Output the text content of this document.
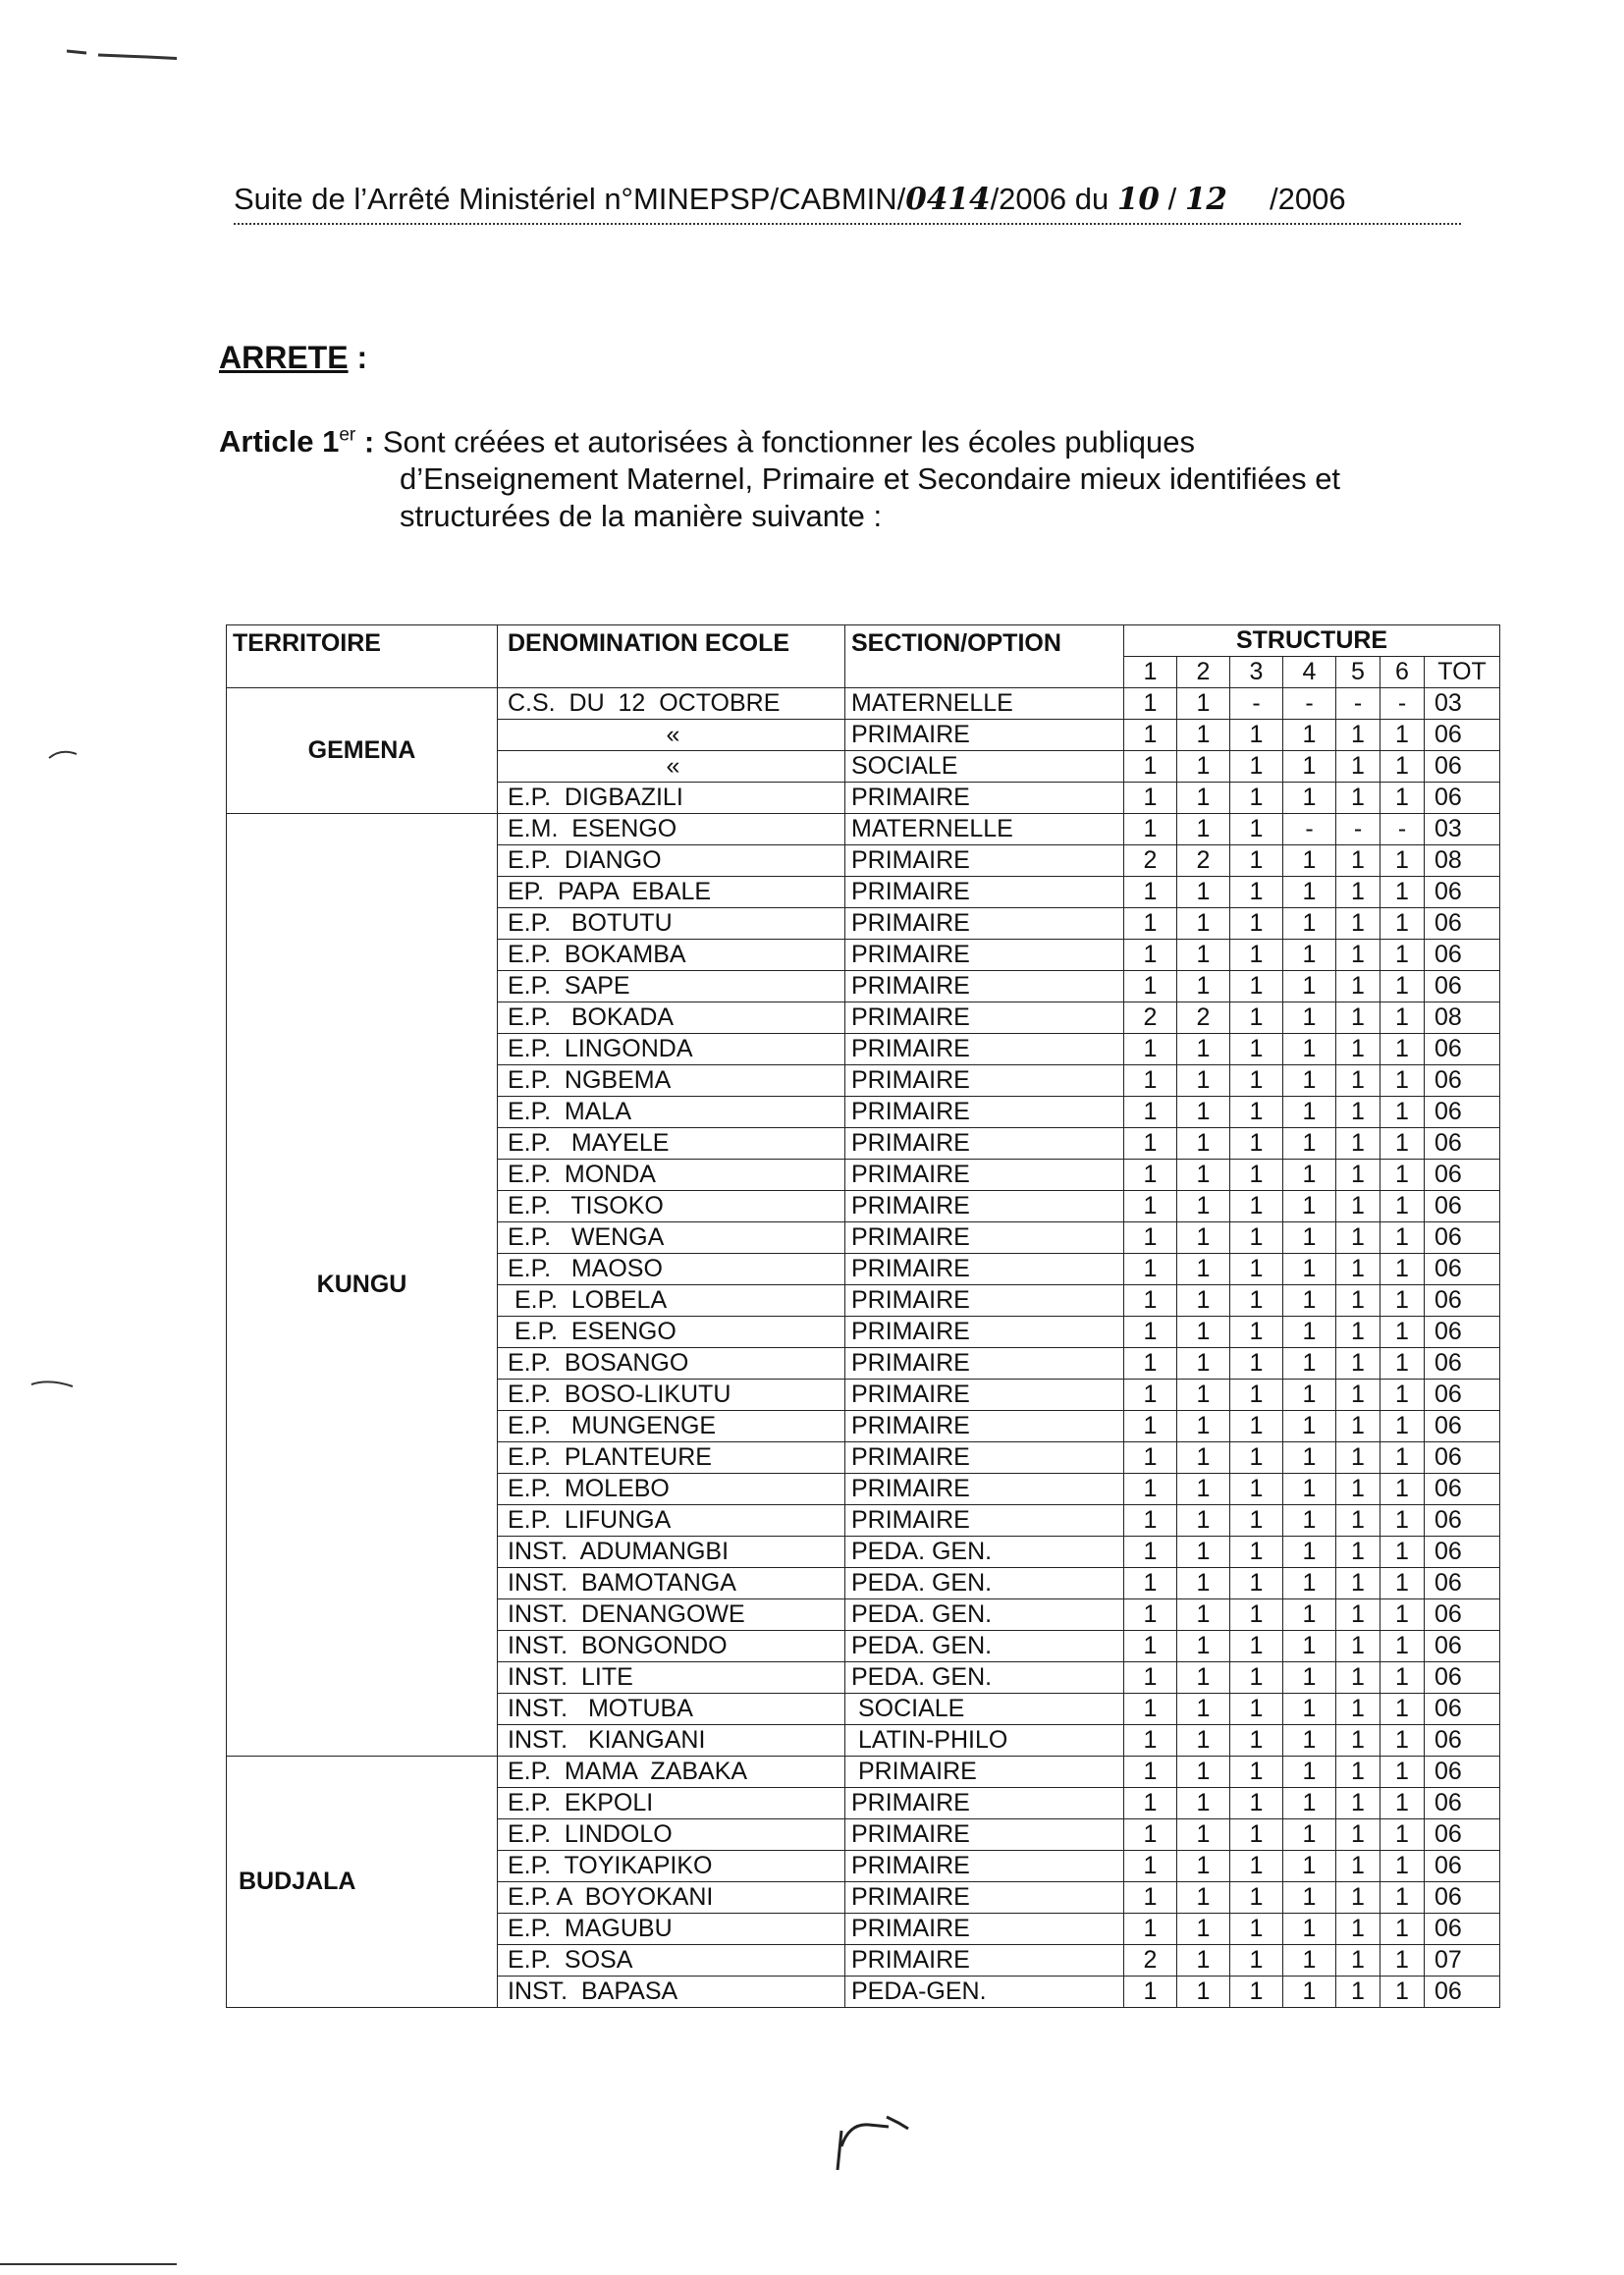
Suite de l’Arrêté Ministériel n°MINEPSP/CABMIN/ 0414 /2006 du 10 / 12 /2006
ARRETE :
Article 1er : Sont créées et autorisées à fonctionner les écoles publiques
d’Enseignement Maternel, Primaire et Secondaire mieux identifiées et
structurées de la manière suivante :
TERRITOIRE	DENOMINATION ECOLE	SECTION/OPTION	STRUCTURE						
			1	2	3	4	5	6	TOT
GEMENA	C.S.  DU  12  OCTOBRE	MATERNELLE	1	1	-	-	-	-	03
	«	PRIMAIRE	1	1	1	1	1	1	06
	«	SOCIALE	1	1	1	1	1	1	06
	E.P.  DIGBAZILI	PRIMAIRE	1	1	1	1	1	1	06
KUNGU	E.M.  ESENGO	MATERNELLE	1	1	1	-	-	-	03
	E.P.  DIANGO	PRIMAIRE	2	2	1	1	1	1	08
	EP.  PAPA  EBALE	PRIMAIRE	1	1	1	1	1	1	06
	E.P.   BOTUTU	PRIMAIRE	1	1	1	1	1	1	06
	E.P.  BOKAMBA	PRIMAIRE	1	1	1	1	1	1	06
	E.P.  SAPE	PRIMAIRE	1	1	1	1	1	1	06
	E.P.   BOKADA	PRIMAIRE	2	2	1	1	1	1	08
	E.P.  LINGONDA	PRIMAIRE	1	1	1	1	1	1	06
	E.P.  NGBEMA	PRIMAIRE	1	1	1	1	1	1	06
	E.P.  MALA	PRIMAIRE	1	1	1	1	1	1	06
	E.P.   MAYELE	PRIMAIRE	1	1	1	1	1	1	06
	E.P.  MONDA	PRIMAIRE	1	1	1	1	1	1	06
	E.P.   TISOKO	PRIMAIRE	1	1	1	1	1	1	06
	E.P.   WENGA	PRIMAIRE	1	1	1	1	1	1	06
	E.P.   MAOSO	PRIMAIRE	1	1	1	1	1	1	06
	E.P.  LOBELA	PRIMAIRE	1	1	1	1	1	1	06
	E.P.  ESENGO	PRIMAIRE	1	1	1	1	1	1	06
	E.P.  BOSANGO	PRIMAIRE	1	1	1	1	1	1	06
	E.P.  BOSO-LIKUTU	PRIMAIRE	1	1	1	1	1	1	06
	E.P.   MUNGENGE	PRIMAIRE	1	1	1	1	1	1	06
	E.P.  PLANTEURE	PRIMAIRE	1	1	1	1	1	1	06
	E.P.  MOLEBO	PRIMAIRE	1	1	1	1	1	1	06
	E.P.  LIFUNGA	PRIMAIRE	1	1	1	1	1	1	06
	INST.  ADUMANGBI	PEDA. GEN.	1	1	1	1	1	1	06
	INST.  BAMOTANGA	PEDA. GEN.	1	1	1	1	1	1	06
	INST.  DENANGOWE	PEDA. GEN.	1	1	1	1	1	1	06
	INST.  BONGONDO	PEDA. GEN.	1	1	1	1	1	1	06
	INST.  LITE	PEDA. GEN.	1	1	1	1	1	1	06
	INST.   MOTUBA	SOCIALE	1	1	1	1	1	1	06
	INST.   KIANGANI	LATIN-PHILO	1	1	1	1	1	1	06
BUDJALA	E.P.  MAMA  ZABAKA	PRIMAIRE	1	1	1	1	1	1	06
	E.P.  EKPOLI	PRIMAIRE	1	1	1	1	1	1	06
	E.P.  LINDOLO	PRIMAIRE	1	1	1	1	1	1	06
	E.P.  TOYIKAPIKO	PRIMAIRE	1	1	1	1	1	1	06
	E.P. A  BOYOKANI	PRIMAIRE	1	1	1	1	1	1	06
	E.P.  MAGUBU	PRIMAIRE	1	1	1	1	1	1	06
	E.P.  SOSA	PRIMAIRE	2	1	1	1	1	1	07
	INST.  BAPASA	PEDA-GEN.	1	1	1	1	1	1	06
